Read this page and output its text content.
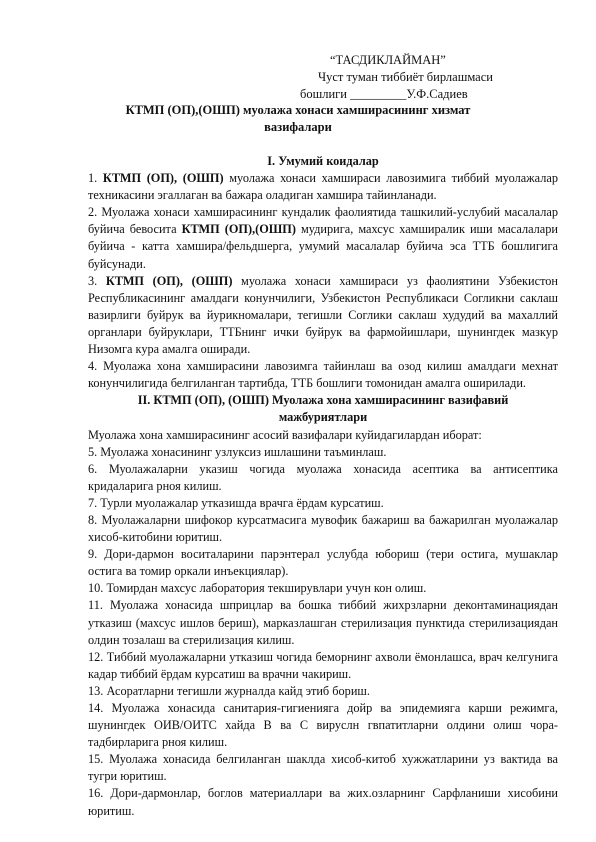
“ТАСДИКЛАЙМАН”
Чуст туман тиббиёт бирлашмаси
бошлиги _________У.Ф.Садиев
КТМП (ОП),(ОШП) муолажа хонаси хамширасининг хизмат
вазифалари

I. Умумий коидалар

1. КТМП (ОП), (ОШП) муолажа хонаси хамшираси лавозимига тиббий муолажалар техникасини эгаллаган ва бажара оладиган хамшира тайинланади.

2. Муолажа хонаси хамширасининг кундалик фаолиятида ташкилий-услубий масалалар буйича бевосита КТМП (ОП),(ОШП) мудирига, махсус хамширалик иши масалалари буйича - катта хамшира/фельдшерга, умумий масалалар буйича эса ТТБ бошлигига буйсунади.

3. КТМП (ОП), (ОШП) муолажа хонаси хамшираси уз фаолиятини Узбекистон Республикасининг амалдаги конунчилиги, Узбекистон Республикаси Согликни саклаш вазирлиги буйрук ва йурикномалари, тегишли Соглики саклаш худудий ва махаллий органлари буйруклари, ТТБнинг ички буйрук ва фармойишлари, шунингдек мазкур Низомга кура амалга оширади.

4. Муолажа хона хамширасини лавозимга тайинлаш ва озод килиш амалдаги мехнат конунчилигида белгиланган тартибда, ТТБ бошлиги томонидан амалга оширилади.

II. КТМП (ОП), (ОШП) Муолажа хона хамширасининг вазифавий
мажбуриятлари

Муолажа хона хамширасининг асосий вазифалари куйидагилардан иборат:

5. Муолажа хонасининг узлуксиз ишлашини таъминлаш.

6. Муолажаларни указиш чогида муолажа хонасида асептика ва антисептика кридаларига рноя килиш.

7. Турли муолажалар утказишда врачга ёрдам курсатиш.

8. Муолажаларни шифокор курсатмасига мувофик бажариш ва бажарилган муолажалар хисоб-китобини юритиш.

9. Дори-дармон воситаларини парэнтерал услубда юбориш (тери остига, мушаклар остига ва томир оркали инъекциялар).

10. Томирдан махсус лаборатория текширувлари учун кон олиш.

11. Муолажа хонасида шприцлар ва бошка тиббий жихрзларни деконтаминациядан утказиш (махсус ишлов бериш), марказлашган стерилизация пунктида стерилизациядан олдин тозалаш ва стерилизация килиш.

12. Тиббий муолажаларни утказиш чогида беморнинг ахволи ёмонлашса, врач келгунига кадар тиббий ёрдам курсатиш ва врачни чакириш.

13. Асоратларни тегишли журналда кайд этиб бориш.

14. Муолажа хонасида санитария-гигиенияга дойр ва эпидемияга карши режимга, шунингдек ОИВ/ОИТС хайда В ва С вируслн гвпатитларни олдини олиш чора-тадбирларига рноя килиш.

15. Муолажа хонасида белгиланган шаклда хисоб-китоб хужжатларини уз вактида ва тугри юритиш.

16. Дори-дармонлар, боглов материаллари ва жих.озларнинг Сарфланиши хисобини юритиш.
